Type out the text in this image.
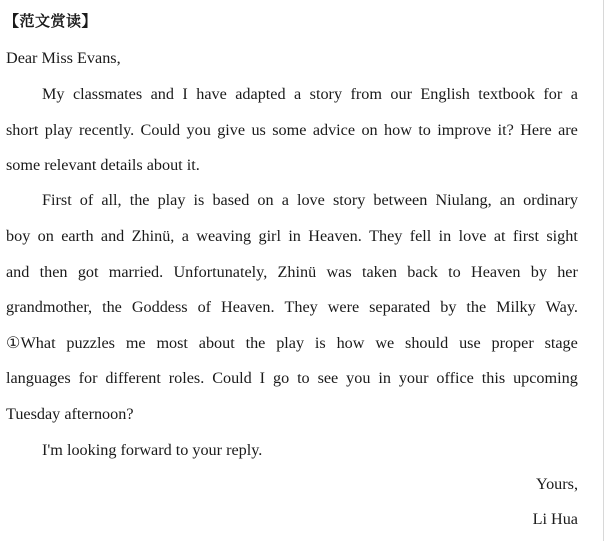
【范文赏读】
Dear Miss Evans,
My classmates and I have adapted a story from our English textbook for a
short play recently. Could you give us some advice on how to improve it? Here are
some relevant details about it.
First of all, the play is based on a love story between Niulang, an ordinary
boy on earth and Zhinü, a weaving girl in Heaven. They fell in love at first sight
and then got married. Unfortunately, Zhinü was taken back to Heaven by her
grandmother, the Goddess of Heaven. They were separated by the Milky Way.
①What puzzles me most about the play is how we should use proper stage
languages for different roles. Could I go to see you in your office this upcoming
Tuesday afternoon?
I'm looking forward to your reply.
Yours,
Li Hua
